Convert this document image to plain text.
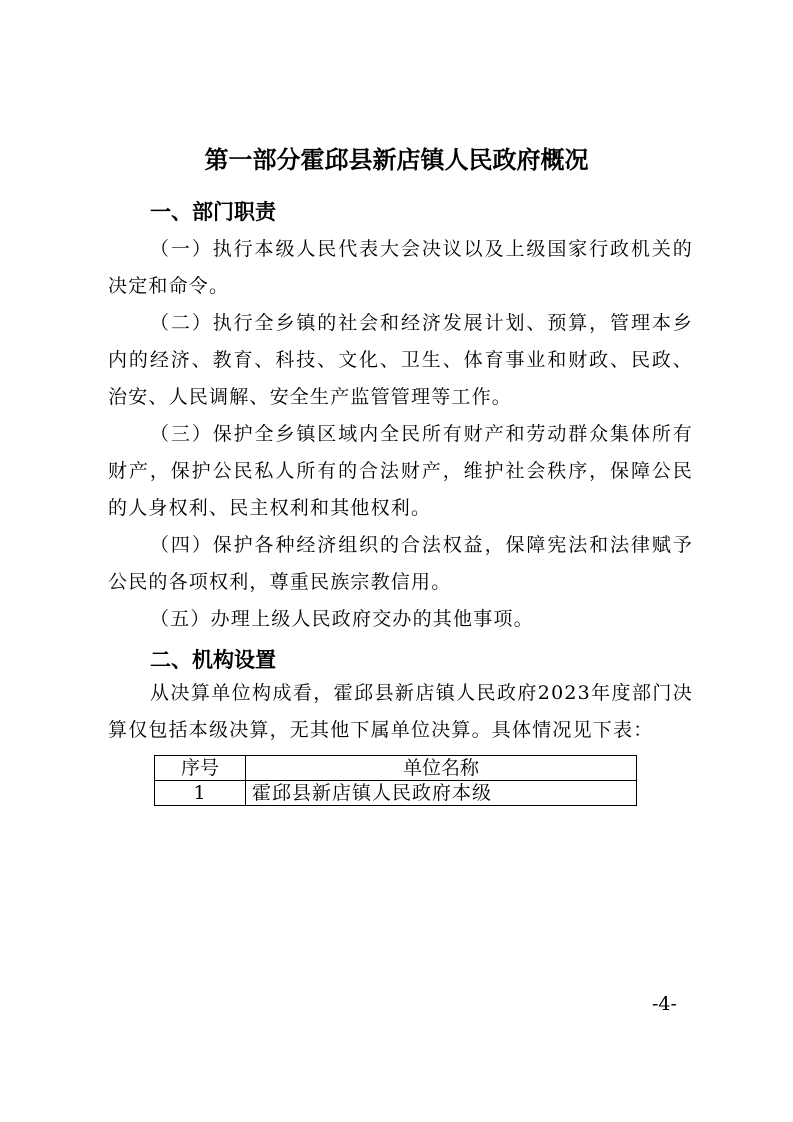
第一部分霍邱县新店镇人民政府概况
一、部门职责

（一）执行本级人民代表大会决议以及上级国家行政机关的决定和命令。

（二）执行全乡镇的社会和经济发展计划、预算，管理本乡内的经济、教育、科技、文化、卫生、体育事业和财政、民政、治安、人民调解、安全生产监管管理等工作。

（三）保护全乡镇区域内全民所有财产和劳动群众集体所有财产，保护公民私人所有的合法财产，维护社会秩序，保障公民的人身权利、民主权利和其他权利。

（四）保护各种经济组织的合法权益，保障宪法和法律赋予公民的各项权利，尊重民族宗教信用。

（五）办理上级人民政府交办的其他事项。

二、机构设置

从决算单位构成看，霍邱县新店镇人民政府2023年度部门决算仅包括本级决算，无其他下属单位决算。具体情况见下表：

序号	单位名称
1	霍邱县新店镇人民政府本级

-4-
